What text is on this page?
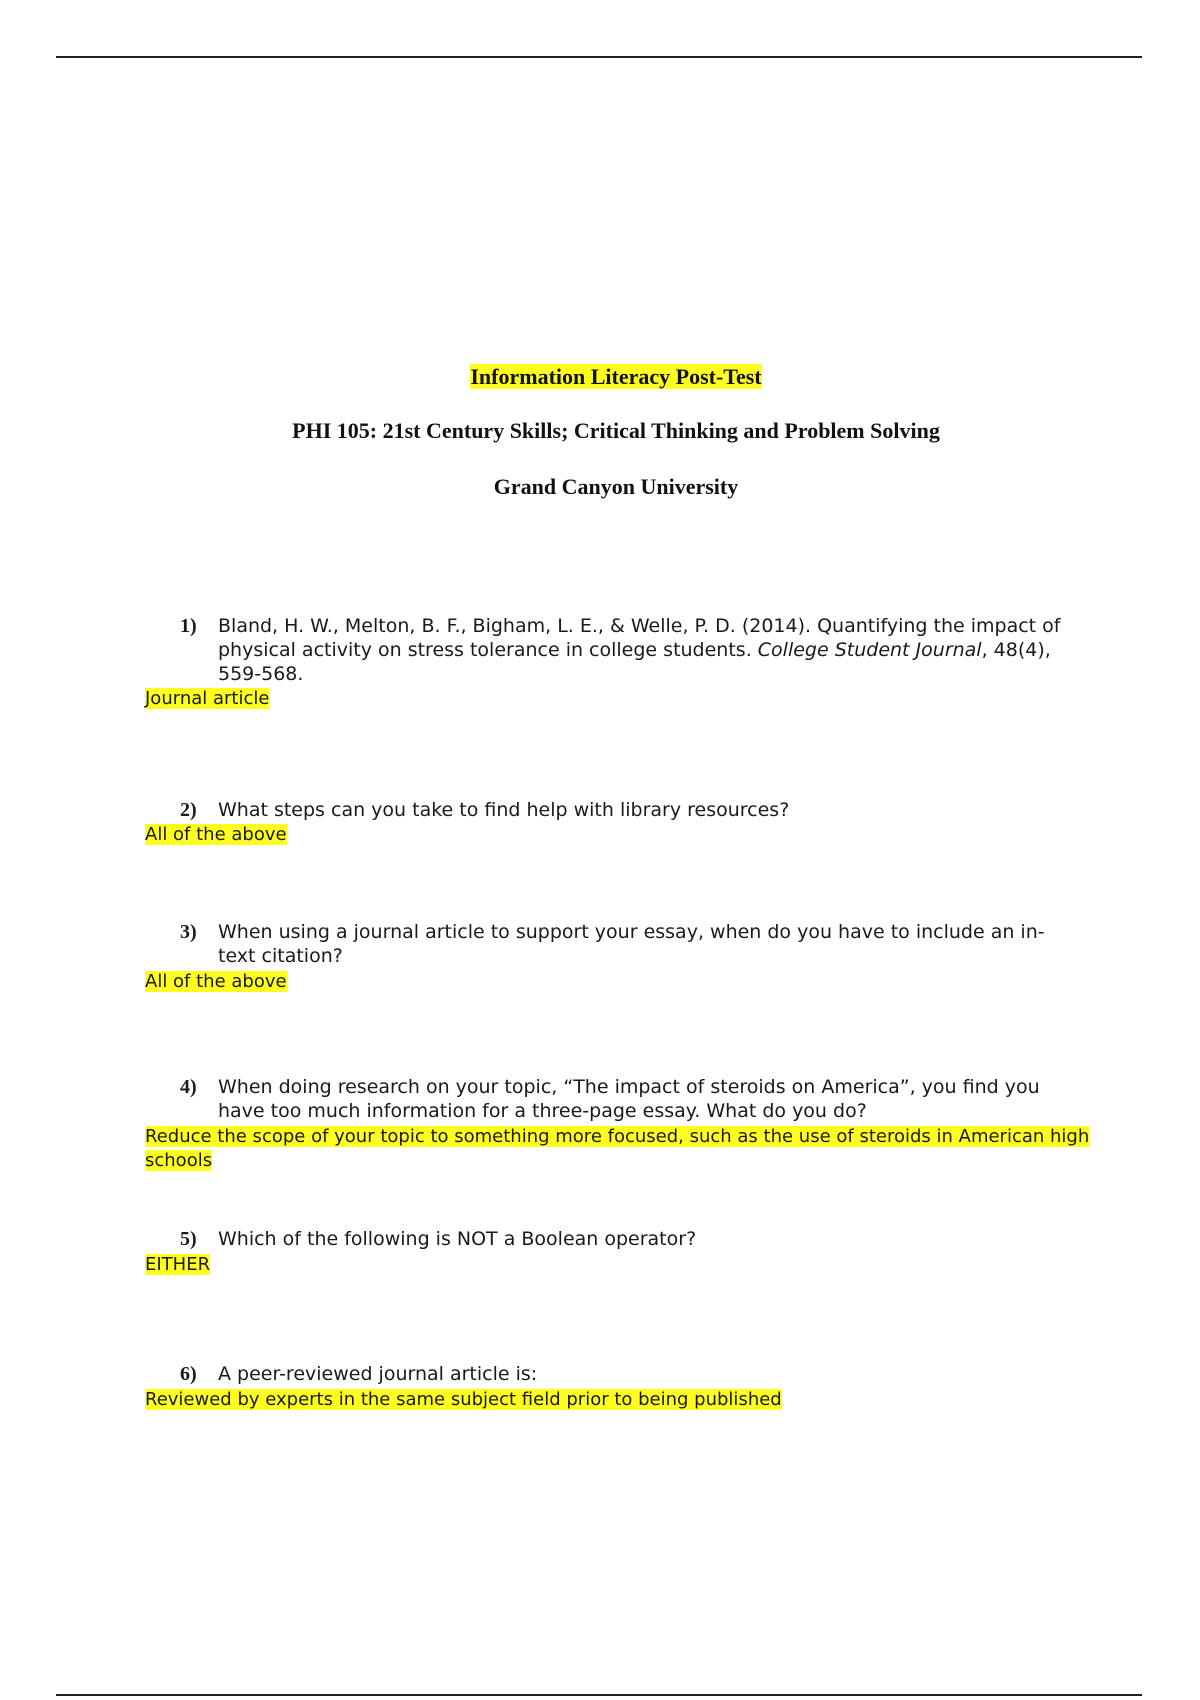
Information Literacy Post-Test
PHI 105: 21st Century Skills; Critical Thinking and Problem Solving
Grand Canyon University
1)	Bland, H. W., Melton, B. F., Bigham, L. E., & Welle, P. D. (2014). Quantifying the impact of physical activity on stress tolerance in college students. College Student Journal, 48(4), 559-568.
Journal article
2)	What steps can you take to find help with library resources?
All of the above
3)	When using a journal article to support your essay, when do you have to include an in-text citation?
All of the above
4)	When doing research on your topic, “The impact of steroids on America”, you find you have too much information for a three-page essay. What do you do?
Reduce the scope of your topic to something more focused, such as the use of steroids in American high schools
5)	Which of the following is NOT a Boolean operator?
EITHER
6)	A peer-reviewed journal article is:
Reviewed by experts in the same subject field prior to being published
